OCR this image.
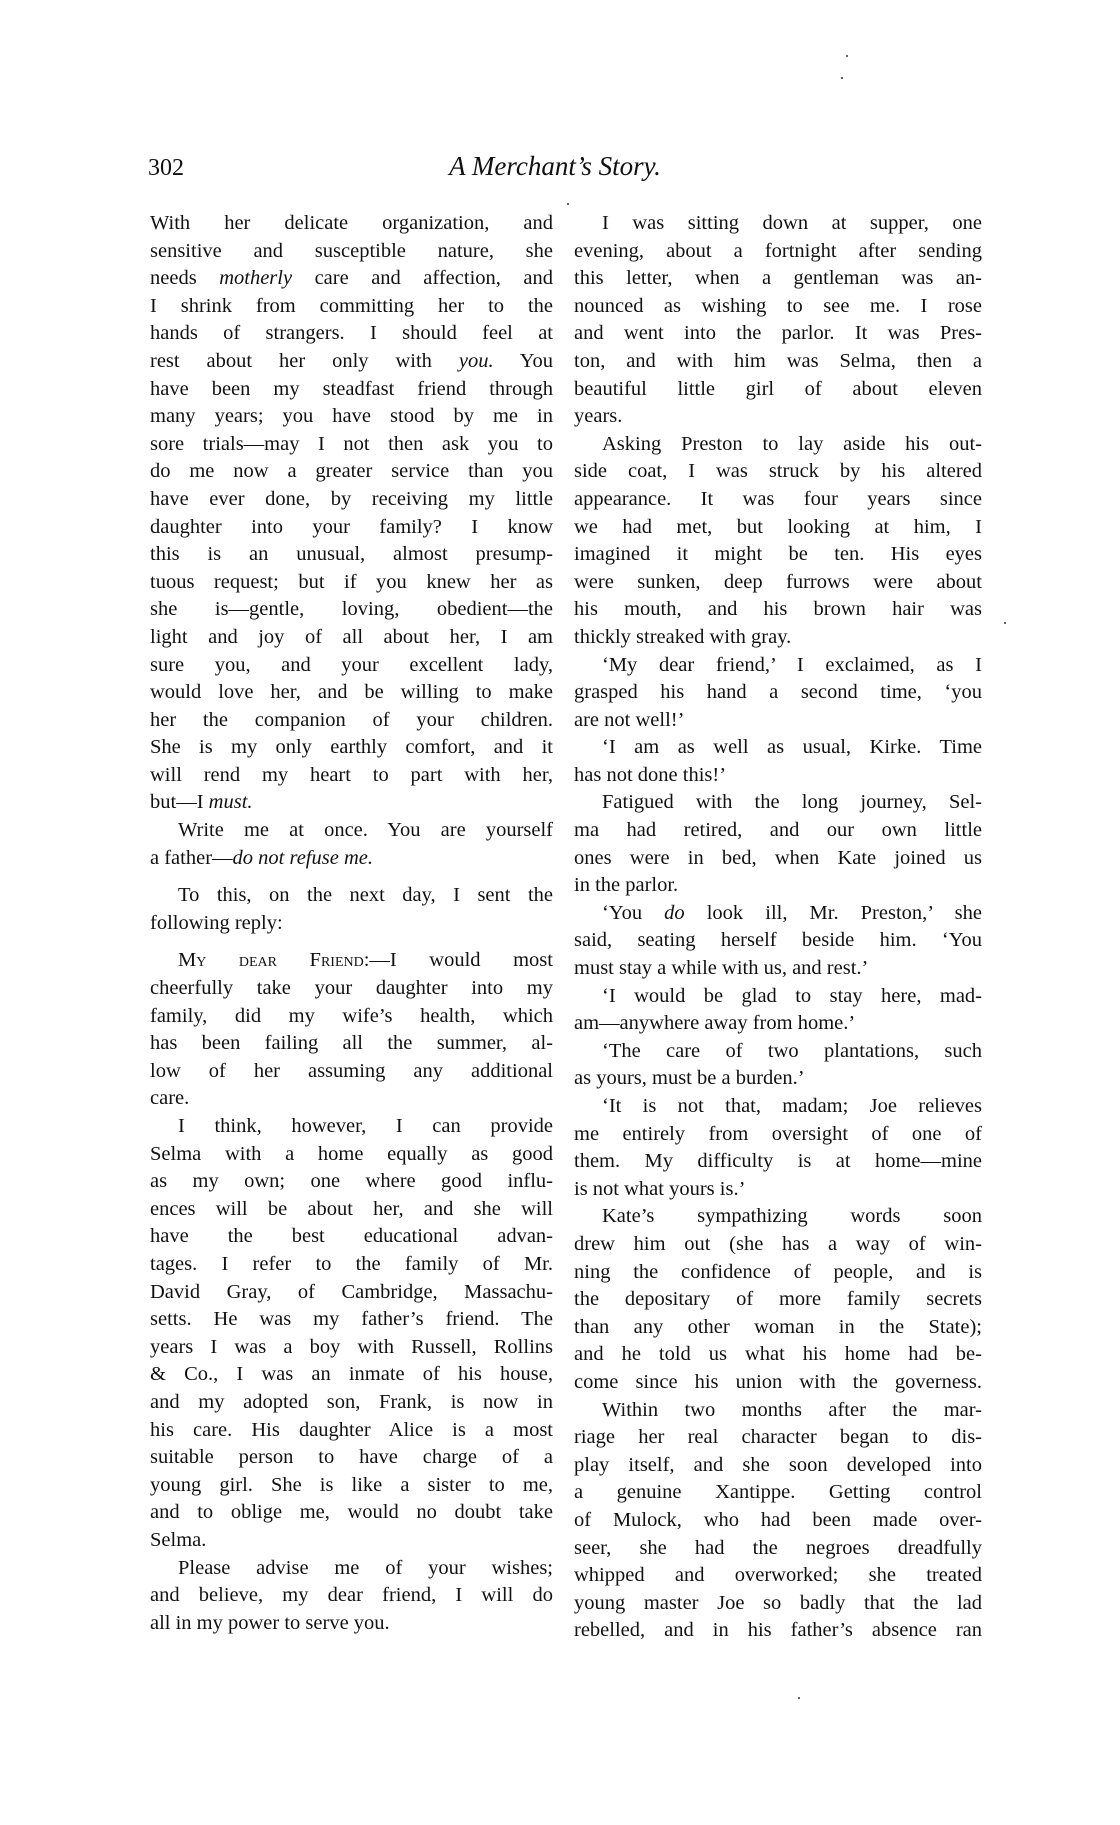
302	A Merchant’s Story.
With her delicate organization, and
sensitive and susceptible nature, she
needs motherly care and affection, and
I shrink from committing her to the
hands of strangers. I should feel at
rest about her only with you. You
have been my steadfast friend through
many years; you have stood by me in
sore trials—may I not then ask you to
do me now a greater service than you
have ever done, by receiving my little
daughter into your family? I know
this is an unusual, almost presump-
tuous request; but if you knew her as
she is—gentle, loving, obedient—the
light and joy of all about her, I am
sure you, and your excellent lady,
would love her, and be willing to make
her the companion of your children.
She is my only earthly comfort, and it
will rend my heart to part with her,
but—I must.
Write me at once. You are yourself
a father—do not refuse me.
To this, on the next day, I sent the
following reply:
My dear Friend:—I would most
cheerfully take your daughter into my
family, did my wife’s health, which
has been failing all the summer, al-
low of her assuming any additional
care.
I think, however, I can provide
Selma with a home equally as good
as my own; one where good influ-
ences will be about her, and she will
have the best educational advan-
tages. I refer to the family of Mr.
David Gray, of Cambridge, Massachu-
setts. He was my father’s friend. The
years I was a boy with Russell, Rollins
& Co., I was an inmate of his house,
and my adopted son, Frank, is now in
his care. His daughter Alice is a most
suitable person to have charge of a
young girl. She is like a sister to me,
and to oblige me, would no doubt take
Selma.
Please advise me of your wishes;
and believe, my dear friend, I will do
all in my power to serve you.
I was sitting down at supper, one
evening, about a fortnight after sending
this letter, when a gentleman was an-
nounced as wishing to see me. I rose
and went into the parlor. It was Pres-
ton, and with him was Selma, then a
beautiful little girl of about eleven
years.
Asking Preston to lay aside his out-
side coat, I was struck by his altered
appearance. It was four years since
we had met, but looking at him, I
imagined it might be ten. His eyes
were sunken, deep furrows were about
his mouth, and his brown hair was
thickly streaked with gray.
‘My dear friend,’ I exclaimed, as I
grasped his hand a second time, ‘you
are not well!’
‘I am as well as usual, Kirke. Time
has not done this!’
Fatigued with the long journey, Sel-
ma had retired, and our own little
ones were in bed, when Kate joined us
in the parlor.
‘You do look ill, Mr. Preston,’ she
said, seating herself beside him. ‘You
must stay a while with us, and rest.’
‘I would be glad to stay here, mad-
am—anywhere away from home.’
‘The care of two plantations, such
as yours, must be a burden.’
‘It is not that, madam; Joe relieves
me entirely from oversight of one of
them. My difficulty is at home—mine
is not what yours is.’
Kate’s sympathizing words soon
drew him out (she has a way of win-
ning the confidence of people, and is
the depositary of more family secrets
than any other woman in the State);
and he told us what his home had be-
come since his union with the governess.
Within two months after the mar-
riage her real character began to dis-
play itself, and she soon developed into
a genuine Xantippe. Getting control
of Mulock, who had been made over-
seer, she had the negroes dreadfully
whipped and overworked; she treated
young master Joe so badly that the lad
rebelled, and in his father’s absence ran
